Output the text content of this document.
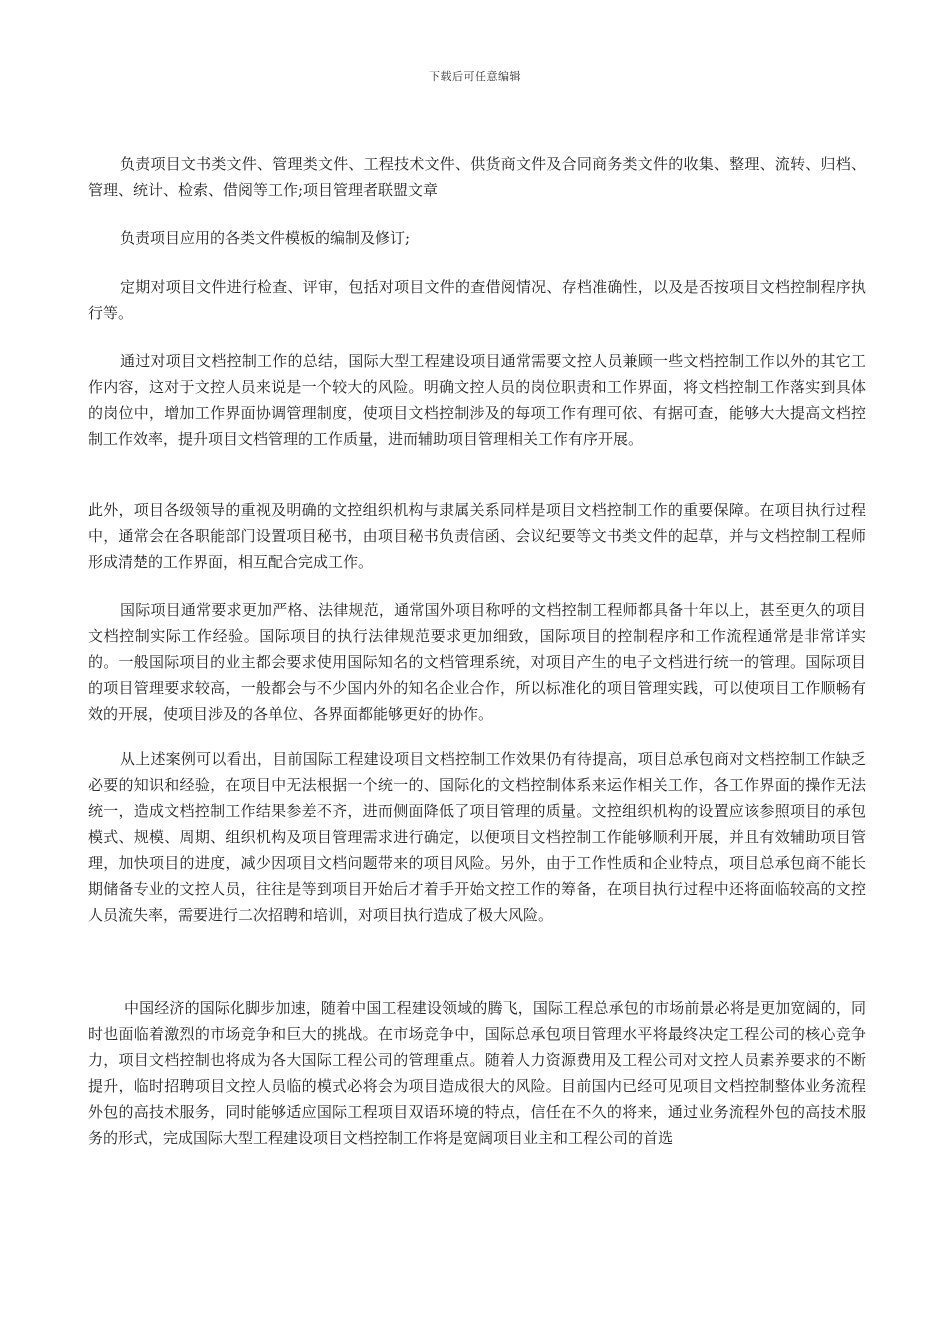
下载后可任意编辑

负责项目文书类文件、管理类文件、工程技术文件、供货商文件及合同商务类文件的收集、整理、流转、归档、管理、统计、检索、借阅等工作;项目管理者联盟文章

负责项目应用的各类文件模板的编制及修订;

定期对项目文件进行检查、评审，包括对项目文件的查借阅情况、存档准确性，以及是否按项目文档控制程序执行等。

通过对项目文档控制工作的总结，国际大型工程建设项目通常需要文控人员兼顾一些文档控制工作以外的其它工作内容，这对于文控人员来说是一个较大的风险。明确文控人员的岗位职责和工作界面，将文档控制工作落实到具体的岗位中，增加工作界面协调管理制度，使项目文档控制涉及的每项工作有理可依、有据可查，能够大大提高文档控制工作效率，提升项目文档管理的工作质量，进而辅助项目管理相关工作有序开展。

此外，项目各级领导的重视及明确的文控组织机构与隶属关系同样是项目文档控制工作的重要保障。在项目执行过程中，通常会在各职能部门设置项目秘书，由项目秘书负责信函、会议纪要等文书类文件的起草，并与文档控制工程师形成清楚的工作界面，相互配合完成工作。

国际项目通常要求更加严格、法律规范，通常国外项目称呼的文档控制工程师都具备十年以上，甚至更久的项目文档控制实际工作经验。国际项目的执行法律规范要求更加细致，国际项目的控制程序和工作流程通常是非常详实的。一般国际项目的业主都会要求使用国际知名的文档管理系统，对项目产生的电子文档进行统一的管理。国际项目的项目管理要求较高，一般都会与不少国内外的知名企业合作，所以标准化的项目管理实践，可以使项目工作顺畅有效的开展，使项目涉及的各单位、各界面都能够更好的协作。

从上述案例可以看出，目前国际工程建设项目文档控制工作效果仍有待提高，项目总承包商对文档控制工作缺乏必要的知识和经验，在项目中无法根据一个统一的、国际化的文档控制体系来运作相关工作，各工作界面的操作无法统一，造成文档控制工作结果参差不齐，进而侧面降低了项目管理的质量。文控组织机构的设置应该参照项目的承包模式、规模、周期、组织机构及项目管理需求进行确定，以便项目文档控制工作能够顺利开展，并且有效辅助项目管理，加快项目的进度，减少因项目文档问题带来的项目风险。另外，由于工作性质和企业特点，项目总承包商不能长期储备专业的文控人员，往往是等到项目开始后才着手开始文控工作的筹备，在项目执行过程中还将面临较高的文控人员流失率，需要进行二次招聘和培训，对项目执行造成了极大风险。

中国经济的国际化脚步加速，随着中国工程建设领域的腾飞，国际工程总承包的市场前景必将是更加宽阔的，同时也面临着激烈的市场竞争和巨大的挑战。在市场竞争中，国际总承包项目管理水平将最终决定工程公司的核心竞争力，项目文档控制也将成为各大国际工程公司的管理重点。随着人力资源费用及工程公司对文控人员素养要求的不断提升，临时招聘项目文控人员临的模式必将会为项目造成很大的风险。目前国内已经可见项目文档控制整体业务流程外包的高技术服务，同时能够适应国际工程项目双语环境的特点，信任在不久的将来，通过业务流程外包的高技术服务的形式，完成国际大型工程建设项目文档控制工作将是宽阔项目业主和工程公司的首选
